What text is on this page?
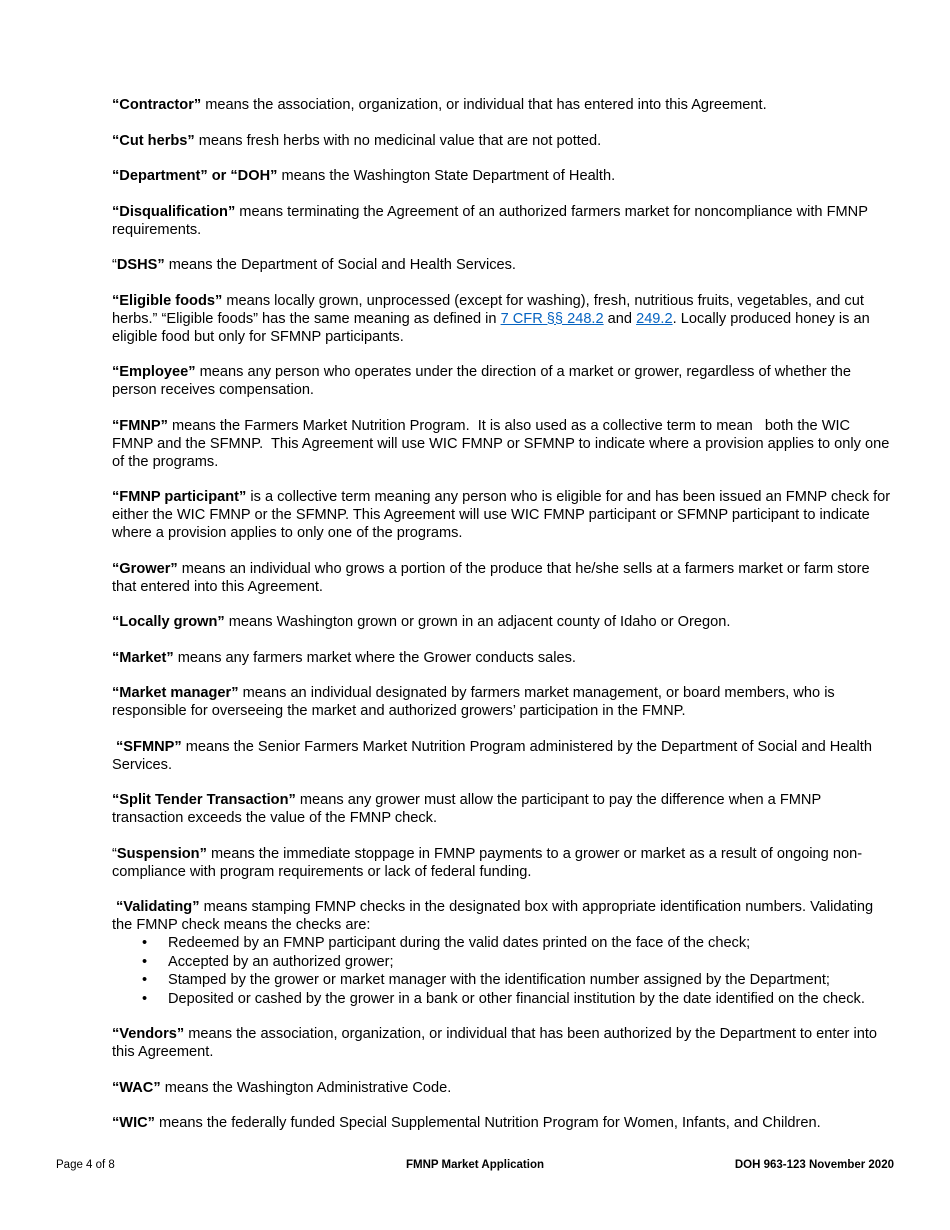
“Contractor” means the association, organization, or individual that has entered into this Agreement.

“Cut herbs” means fresh herbs with no medicinal value that are not potted.

“Department” or “DOH” means the Washington State Department of Health.

“Disqualification” means terminating the Agreement of an authorized farmers market for noncompliance with FMNP requirements.

“DSHS” means the Department of Social and Health Services.

“Eligible foods” means locally grown, unprocessed (except for washing), fresh, nutritious fruits, vegetables, and cut herbs.” “Eligible foods” has the same meaning as defined in 7 CFR §§ 248.2 and 249.2. Locally produced honey is an eligible food but only for SFMNP participants.

“Employee” means any person who operates under the direction of a market or grower, regardless of whether the person receives compensation.

“FMNP” means the Farmers Market Nutrition Program.  It is also used as a collective term to mean   both the WIC FMNP and the SFMNP.  This Agreement will use WIC FMNP or SFMNP to indicate where a provision applies to only one of the programs.

“FMNP participant” is a collective term meaning any person who is eligible for and has been issued an FMNP check for either the WIC FMNP or the SFMNP. This Agreement will use WIC FMNP participant or SFMNP participant to indicate where a provision applies to only one of the programs.

“Grower” means an individual who grows a portion of the produce that he/she sells at a farmers market or farm store that entered into this Agreement.

“Locally grown” means Washington grown or grown in an adjacent county of Idaho or Oregon.

“Market” means any farmers market where the Grower conducts sales.

“Market manager” means an individual designated by farmers market management, or board members, who is responsible for overseeing the market and authorized growers’ participation in the FMNP.

“SFMNP” means the Senior Farmers Market Nutrition Program administered by the Department of Social and Health Services.

“Split Tender Transaction” means any grower must allow the participant to pay the difference when a FMNP transaction exceeds the value of the FMNP check.

“Suspension” means the immediate stoppage in FMNP payments to a grower or market as a result of ongoing non-compliance with program requirements or lack of federal funding.

“Validating” means stamping FMNP checks in the designated box with appropriate identification numbers. Validating the FMNP check means the checks are:

• Redeemed by an FMNP participant during the valid dates printed on the face of the check;
• Accepted by an authorized grower;
• Stamped by the grower or market manager with the identification number assigned by the Department;
• Deposited or cashed by the grower in a bank or other financial institution by the date identified on the check.

“Vendors” means the association, organization, or individual that has been authorized by the Department to enter into this Agreement.

“WAC” means the Washington Administrative Code.

“WIC” means the federally funded Special Supplemental Nutrition Program for Women, Infants, and Children.

Page 4 of 8	FMNP Market Application	DOH 963-123 November 2020
